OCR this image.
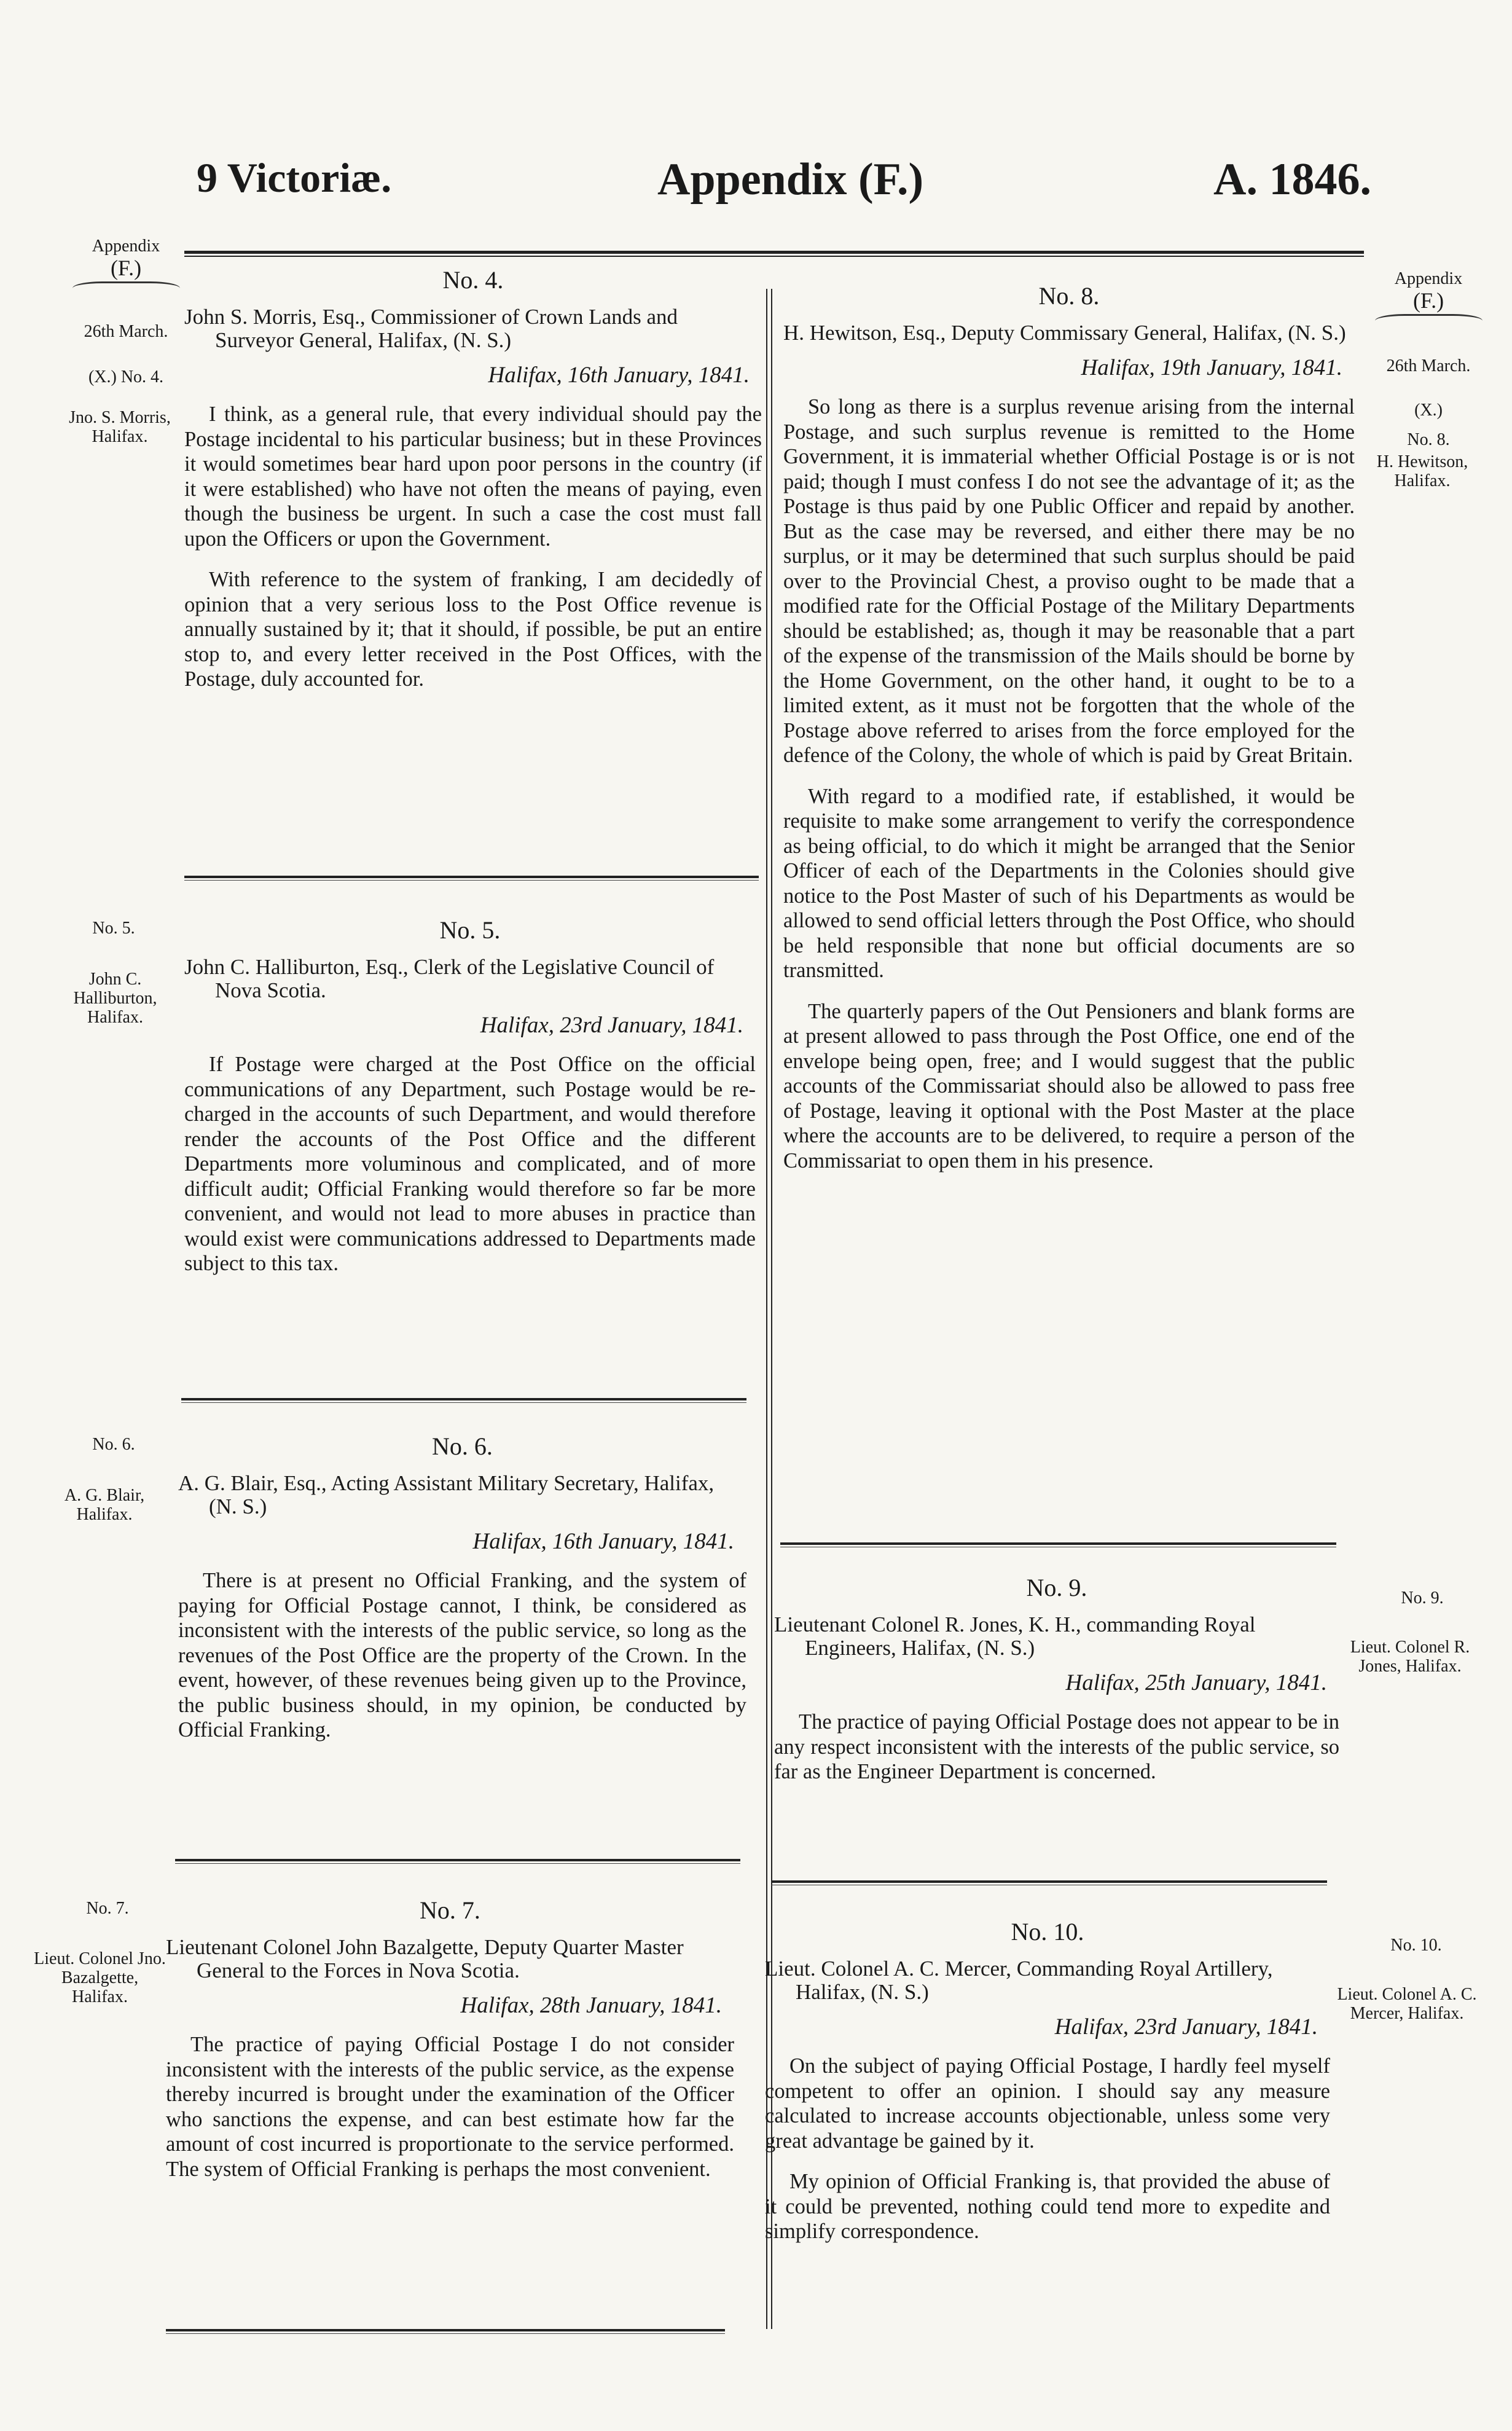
9 Victoriæ.	Appendix (F.)	A. 1846.
Appendix
(F.)
26th March.
(X.) No. 4.
Jno. S. Morris, Halifax.
No. 5.
John C. Halliburton, Halifax.
No. 6.
A. G. Blair, Halifax.
No. 7.
Lieut. Colonel Jno. Bazalgette, Halifax.
Appendix
(F.)
26th March.
(X.)
No. 8.
H. Hewitson, Halifax.
No. 9.
Lieut. Colonel R. Jones, Halifax.
No. 10.
Lieut. Colonel A. C. Mercer, Halifax.
No. 4.
John S. Morris, Esq., Commissioner of Crown Lands and Surveyor General, Halifax, (N. S.)
Halifax, 16th January, 1841.

I think, as a general rule, that every individual should pay the Postage incidental to his particular business; but in these Provinces it would sometimes bear hard upon poor persons in the country (if it were established) who have not often the means of paying, even though the business be urgent. In such a case the cost must fall upon the Officers or upon the Government.

With reference to the system of franking, I am decidedly of opinion that a very serious loss to the Post Office revenue is annually sustained by it; that it should, if possible, be put an entire stop to, and every letter received in the Post Offices, with the Postage, duly accounted for.

No. 5.
John C. Halliburton, Esq., Clerk of the Legislative Council of Nova Scotia.
Halifax, 23rd January, 1841.

If Postage were charged at the Post Office on the official communications of any Department, such Postage would be re-charged in the accounts of such Department, and would therefore render the accounts of the Post Office and the different Departments more voluminous and complicated, and of more difficult audit; Official Franking would therefore so far be more convenient, and would not lead to more abuses in practice than would exist were communications addressed to Departments made subject to this tax.

No. 6.
A. G. Blair, Esq., Acting Assistant Military Secretary, Halifax, (N. S.)
Halifax, 16th January, 1841.

There is at present no Official Franking, and the system of paying for Official Postage cannot, I think, be considered as inconsistent with the interests of the public service, so long as the revenues of the Post Office are the property of the Crown. In the event, however, of these revenues being given up to the Province, the public business should, in my opinion, be conducted by Official Franking.

No. 7.
Lieutenant Colonel John Bazalgette, Deputy Quarter Master General to the Forces in Nova Scotia.
Halifax, 28th January, 1841.

The practice of paying Official Postage I do not consider inconsistent with the interests of the public service, as the expense thereby incurred is brought under the examination of the Officer who sanctions the expense, and can best estimate how far the amount of cost incurred is proportionate to the service performed. The system of Official Franking is perhaps the most convenient.

No. 8.
H. Hewitson, Esq., Deputy Commissary General, Halifax, (N. S.)
Halifax, 19th January, 1841.

So long as there is a surplus revenue arising from the internal Postage, and such surplus revenue is remitted to the Home Government, it is immaterial whether Official Postage is or is not paid; though I must confess I do not see the advantage of it; as the Postage is thus paid by one Public Officer and repaid by another. But as the case may be reversed, and either there may be no surplus, or it may be determined that such surplus should be paid over to the Provincial Chest, a proviso ought to be made that a modified rate for the Official Postage of the Military Departments should be established; as, though it may be reasonable that a part of the expense of the transmission of the Mails should be borne by the Home Government, on the other hand, it ought to be to a limited extent, as it must not be forgotten that the whole of the Postage above referred to arises from the force employed for the defence of the Colony, the whole of which is paid by Great Britain.

With regard to a modified rate, if established, it would be requisite to make some arrangement to verify the correspondence as being official, to do which it might be arranged that the Senior Officer of each of the Departments in the Colonies should give notice to the Post Master of such of his Departments as would be allowed to send official letters through the Post Office, who should be held responsible that none but official documents are so transmitted.

The quarterly papers of the Out Pensioners and blank forms are at present allowed to pass through the Post Office, one end of the envelope being open, free; and I would suggest that the public accounts of the Commissariat should also be allowed to pass free of Postage, leaving it optional with the Post Master at the place where the accounts are to be delivered, to require a person of the Commissariat to open them in his presence.

No. 9.
Lieutenant Colonel R. Jones, K. H., commanding Royal Engineers, Halifax, (N. S.)
Halifax, 25th January, 1841.

The practice of paying Official Postage does not appear to be in any respect inconsistent with the interests of the public service, so far as the Engineer Department is concerned.

No. 10.
Lieut. Colonel A. C. Mercer, Commanding Royal Artillery, Halifax, (N. S.)
Halifax, 23rd January, 1841.

On the subject of paying Official Postage, I hardly feel myself competent to offer an opinion. I should say any measure calculated to increase accounts objectionable, unless some very great advantage be gained by it.

My opinion of Official Franking is, that provided the abuse of it could be prevented, nothing could tend more to expedite and simplify correspondence.
